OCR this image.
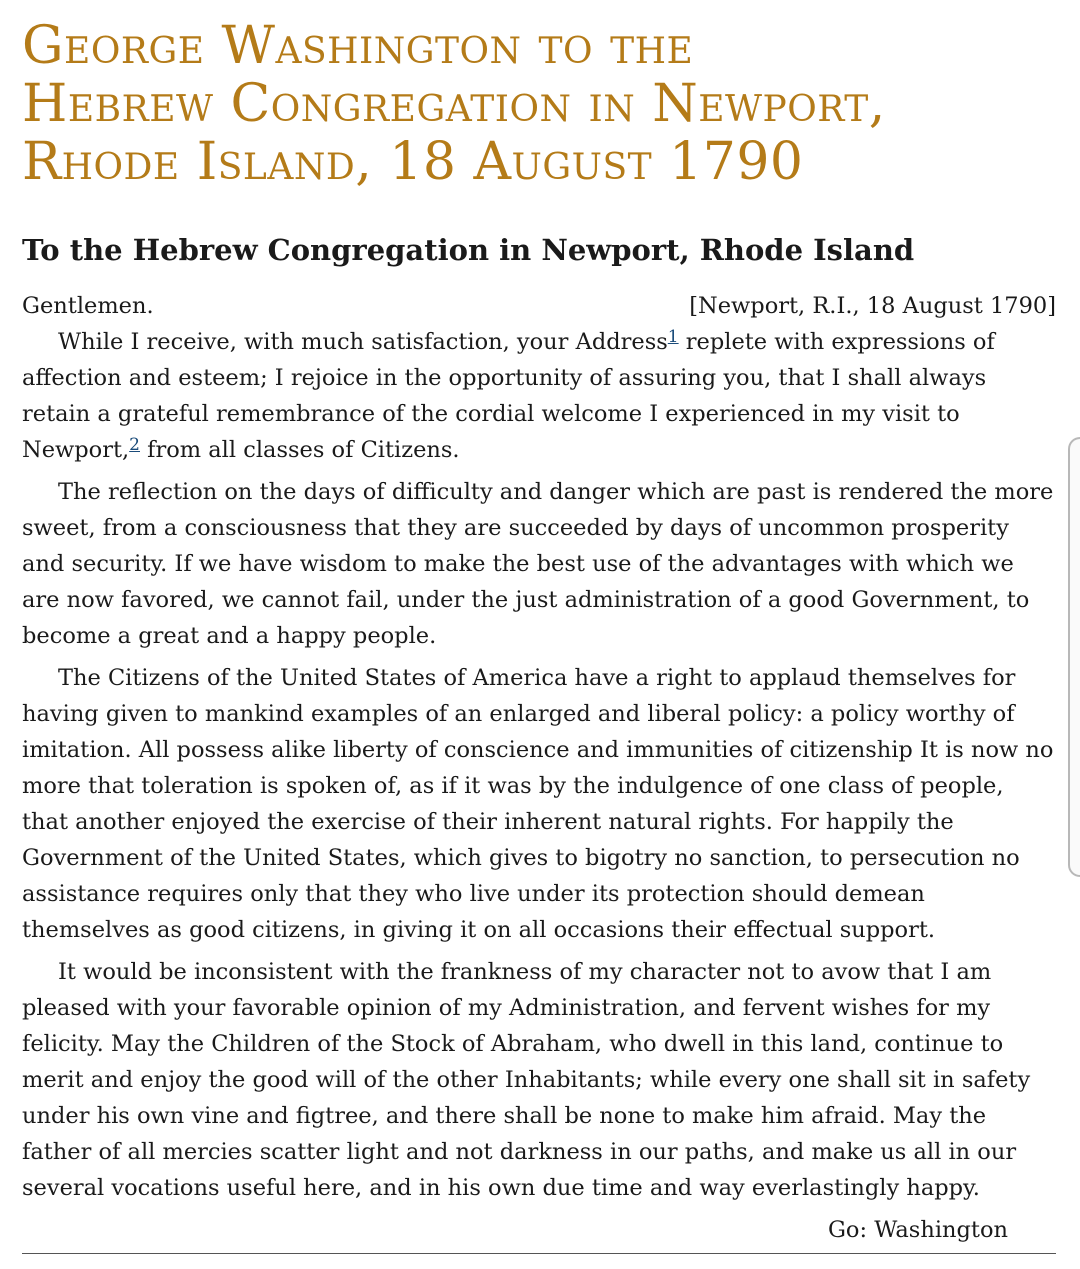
George Washington to the
Hebrew Congregation in Newport,
Rhode Island, 18 August 1790
To the Hebrew Congregation in Newport, Rhode Island
Gentlemen.	[Newport, R.I., 18 August 1790]

While I receive, with much satisfaction, your Address$^1$ replete with expressions of affection and esteem; I rejoice in the opportunity of assuring you, that I shall always retain a grateful remembrance of the cordial welcome I experienced in my visit to Newport,$^2$ from all classes of Citizens.

The reflection on the days of difficulty and danger which are past is rendered the more sweet, from a consciousness that they are succeeded by days of uncommon prosperity and security. If we have wisdom to make the best use of the advantages with which we are now favored, we cannot fail, under the just administration of a good Government, to become a great and a happy people.

The Citizens of the United States of America have a right to applaud themselves for having given to mankind examples of an enlarged and liberal policy: a policy worthy of imitation. All possess alike liberty of conscience and immunities of citizenship It is now no more that toleration is spoken of, as if it was by the indulgence of one class of people, that another enjoyed the exercise of their inherent natural rights. For happily the Government of the United States, which gives to bigotry no sanction, to persecution no assistance requires only that they who live under its protection should demean themselves as good citizens, in giving it on all occasions their effectual support.

It would be inconsistent with the frankness of my character not to avow that I am pleased with your favorable opinion of my Administration, and fervent wishes for my felicity. May the Children of the Stock of Abraham, who dwell in this land, continue to merit and enjoy the good will of the other Inhabitants; while every one shall sit in safety under his own vine and figtree, and there shall be none to make him afraid. May the father of all mercies scatter light and not darkness in our paths, and make us all in our several vocations useful here, and in his own due time and way everlastingly happy.

Go: Washington
